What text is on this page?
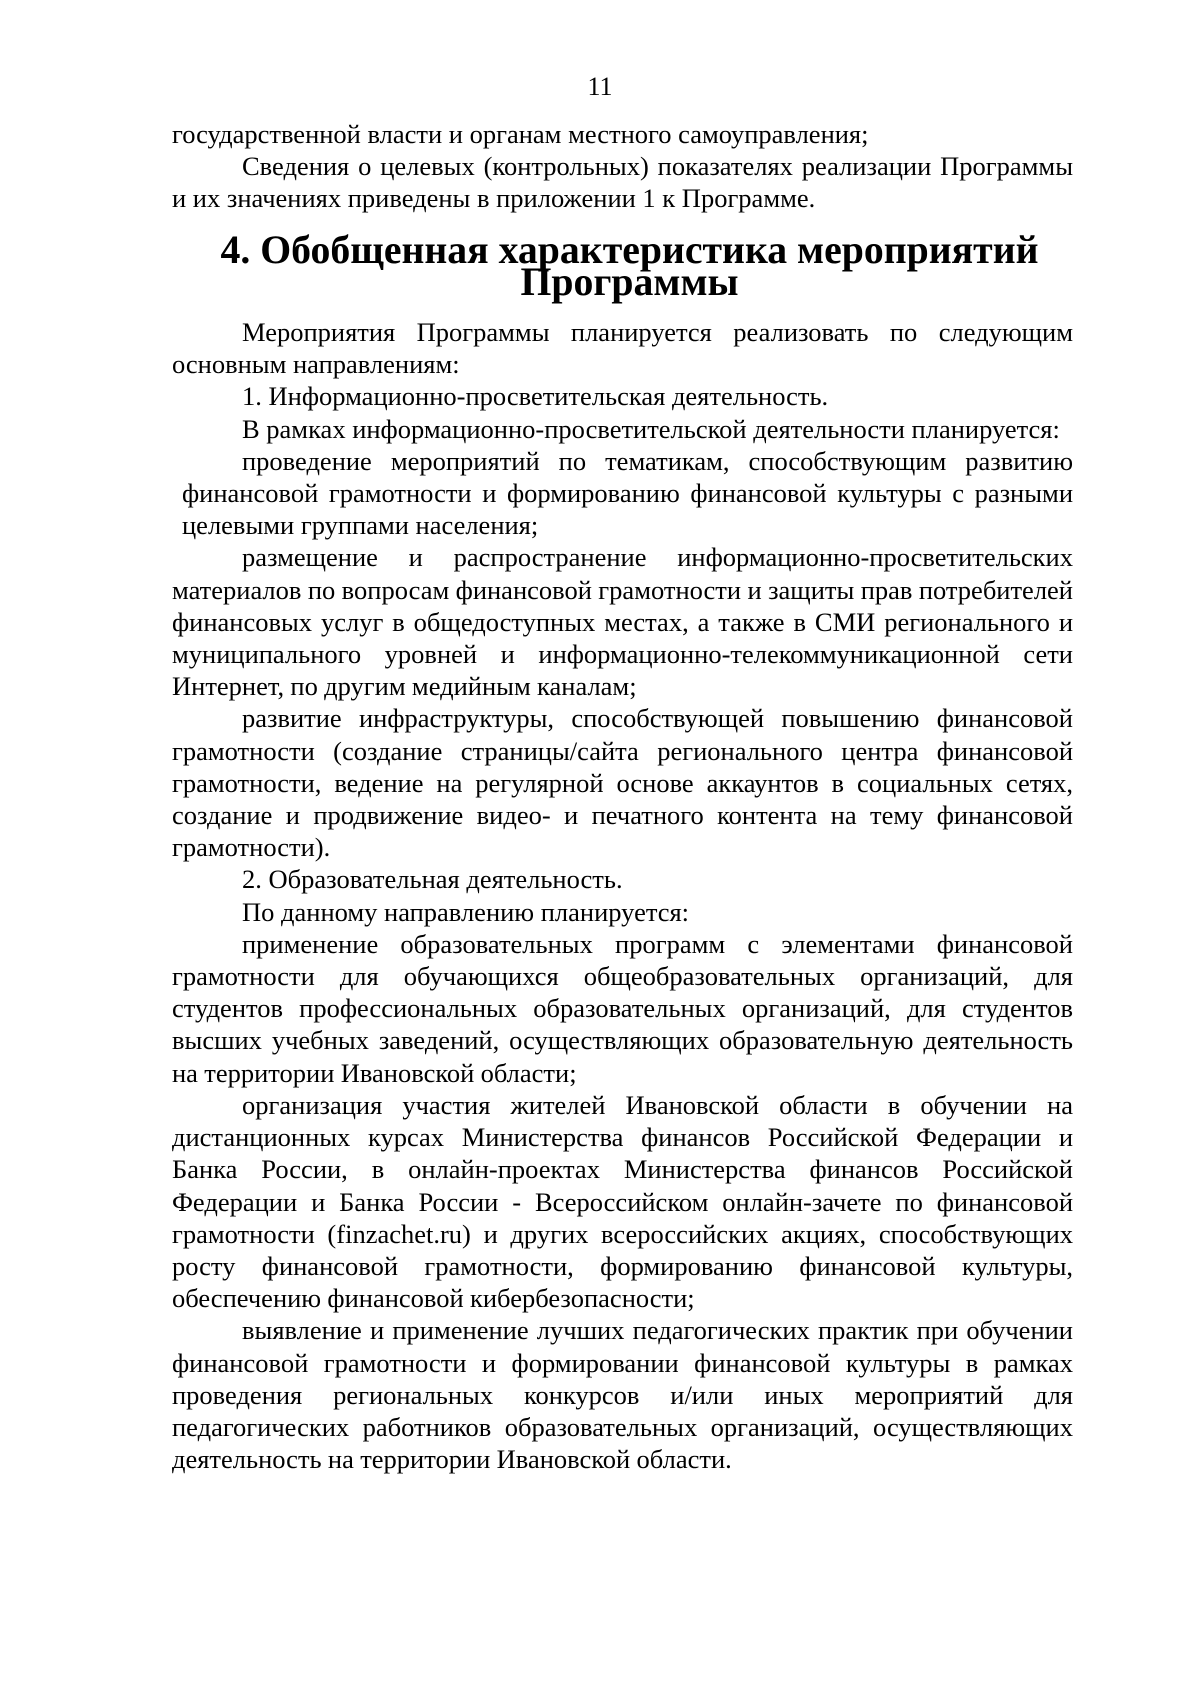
11

государственной власти и органам местного самоуправления;

Сведения о целевых (контрольных) показателях реализации Программы и их значениях приведены в приложении 1 к Программе.

4. Обобщенная характеристика мероприятий Программы

Мероприятия Программы планируется реализовать по следующим основным направлениям:

1. Информационно-просветительская деятельность.

В рамках информационно-просветительской деятельности планируется:

проведение мероприятий по тематикам, способствующим развитию финансовой грамотности и формированию финансовой культуры с разными целевыми группами населения;

размещение и распространение информационно-просветительских материалов по вопросам финансовой грамотности и защиты прав потребителей финансовых услуг в общедоступных местах, а также в СМИ регионального и муниципального уровней и информационно-телекоммуникационной сети Интернет, по другим медийным каналам;

развитие инфраструктуры, способствующей повышению финансовой грамотности (создание страницы/сайта регионального центра финансовой грамотности, ведение на регулярной основе аккаунтов в социальных сетях, создание и продвижение видео- и печатного контента на тему финансовой грамотности).

2. Образовательная деятельность.

По данному направлению планируется:

применение образовательных программ с элементами финансовой грамотности для обучающихся общеобразовательных организаций, для студентов профессиональных образовательных организаций, для студентов высших учебных заведений, осуществляющих образовательную деятельность на территории Ивановской области;

организация участия жителей Ивановской области в обучении на дистанционных курсах Министерства финансов Российской Федерации и Банка России, в онлайн-проектах Министерства финансов Российской Федерации и Банка России - Всероссийском онлайн-зачете по финансовой грамотности (finzachet.ru) и других всероссийских акциях, способствующих росту финансовой грамотности, формированию финансовой культуры, обеспечению финансовой кибербезопасности;

выявление и применение лучших педагогических практик при обучении финансовой грамотности и формировании финансовой культуры в рамках проведения региональных конкурсов и/или иных мероприятий для педагогических работников образовательных организаций, осуществляющих деятельность на территории Ивановской области.
